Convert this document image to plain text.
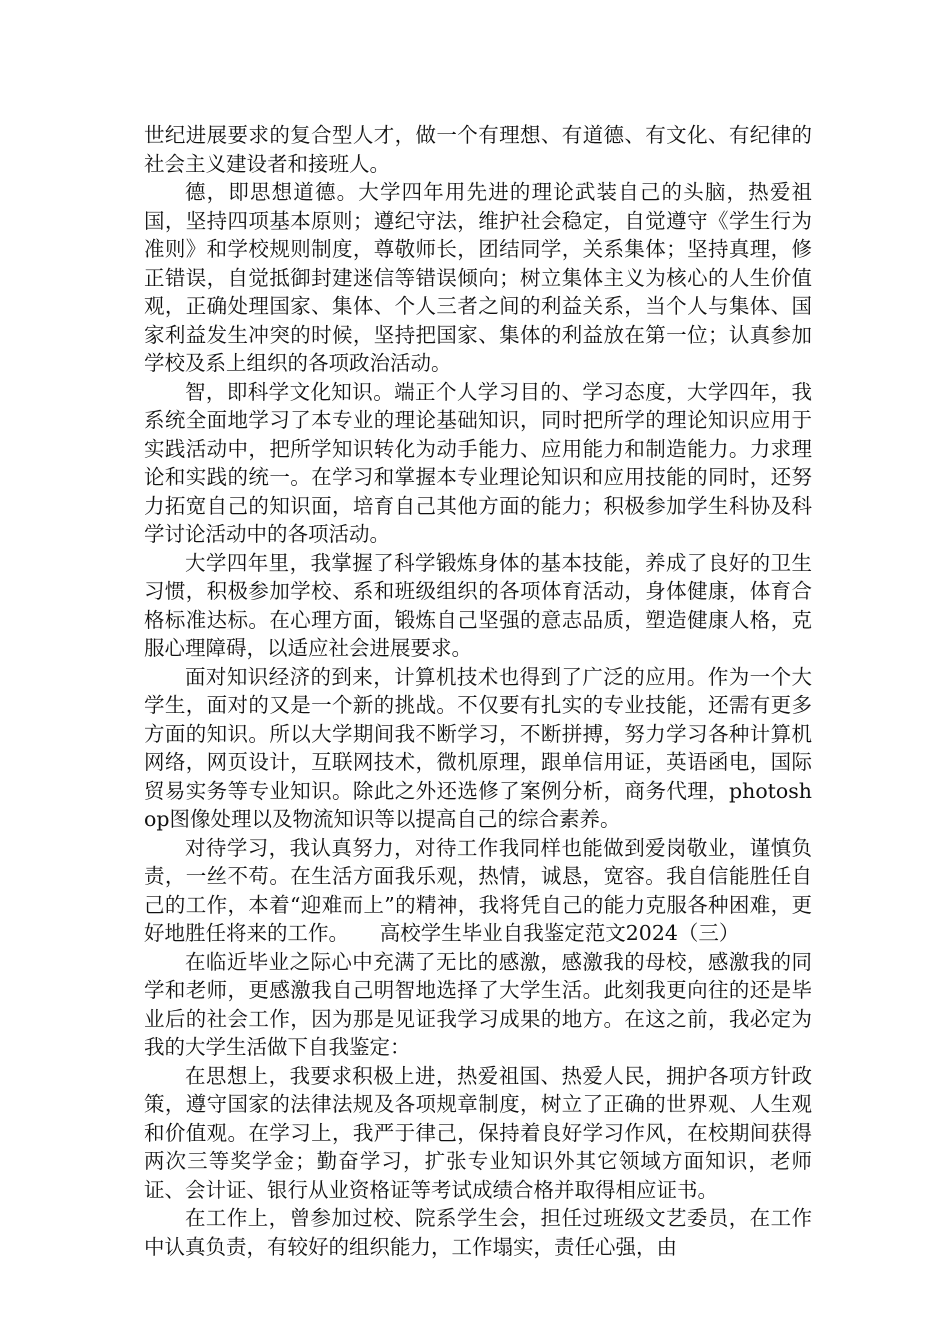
世纪进展要求的复合型人才，做一个有理想、有道德、有文化、有纪律的社会主义建设者和接班人。

德，即思想道德。大学四年用先进的理论武装自己的头脑，热爱祖国，坚持四项基本原则；遵纪守法，维护社会稳定，自觉遵守《学生行为准则》和学校规则制度，尊敬师长，团结同学，关系集体；坚持真理，修正错误，自觉抵御封建迷信等错误倾向；树立集体主义为核心的人生价值观，正确处理国家、集体、个人三者之间的利益关系，当个人与集体、国家利益发生冲突的时候，坚持把国家、集体的利益放在第一位；认真参加学校及系上组织的各项政治活动。

智，即科学文化知识。端正个人学习目的、学习态度，大学四年，我系统全面地学习了本专业的理论基础知识，同时把所学的理论知识应用于实践活动中，把所学知识转化为动手能力、应用能力和制造能力。力求理论和实践的统一。在学习和掌握本专业理论知识和应用技能的同时，还努力拓宽自己的知识面，培育自己其他方面的能力；积极参加学生科协及科学讨论活动中的各项活动。

大学四年里，我掌握了科学锻炼身体的基本技能，养成了良好的卫生习惯，积极参加学校、系和班级组织的各项体育活动，身体健康，体育合格标准达标。在心理方面，锻炼自己坚强的意志品质，塑造健康人格，克服心理障碍，以适应社会进展要求。

面对知识经济的到来，计算机技术也得到了广泛的应用。作为一个大学生，面对的又是一个新的挑战。不仅要有扎实的专业技能，还需有更多方面的知识。所以大学期间我不断学习，不断拼搏，努力学习各种计算机网络，网页设计，互联网技术，微机原理，跟单信用证，英语函电，国际贸易实务等专业知识。除此之外还选修了案例分析，商务代理，photoshop图像处理以及物流知识等以提高自己的综合素养。

对待学习，我认真努力，对待工作我同样也能做到爱岗敬业，谨慎负责，一丝不苟。在生活方面我乐观，热情，诚恳，宽容。我自信能胜任自己的工作，本着“迎难而上”的精神，我将凭自己的能力克服各种困难，更好地胜任将来的工作。　　高校学生毕业自我鉴定范文2024（三）

在临近毕业之际心中充满了无比的感激，感激我的母校，感激我的同学和老师，更感激我自己明智地选择了大学生活。此刻我更向往的还是毕业后的社会工作，因为那是见证我学习成果的地方。在这之前，我必定为我的大学生活做下自我鉴定：

在思想上，我要求积极上进，热爱祖国、热爱人民，拥护各项方针政策，遵守国家的法律法规及各项规章制度，树立了正确的世界观、人生观和价值观。在学习上，我严于律己，保持着良好学习作风，在校期间获得两次三等奖学金；勤奋学习，扩张专业知识外其它领域方面知识，老师证、会计证、银行从业资格证等考试成绩合格并取得相应证书。

在工作上，曾参加过校、院系学生会，担任过班级文艺委员，在工作中认真负责，有较好的组织能力，工作塌实，责任心强，由
